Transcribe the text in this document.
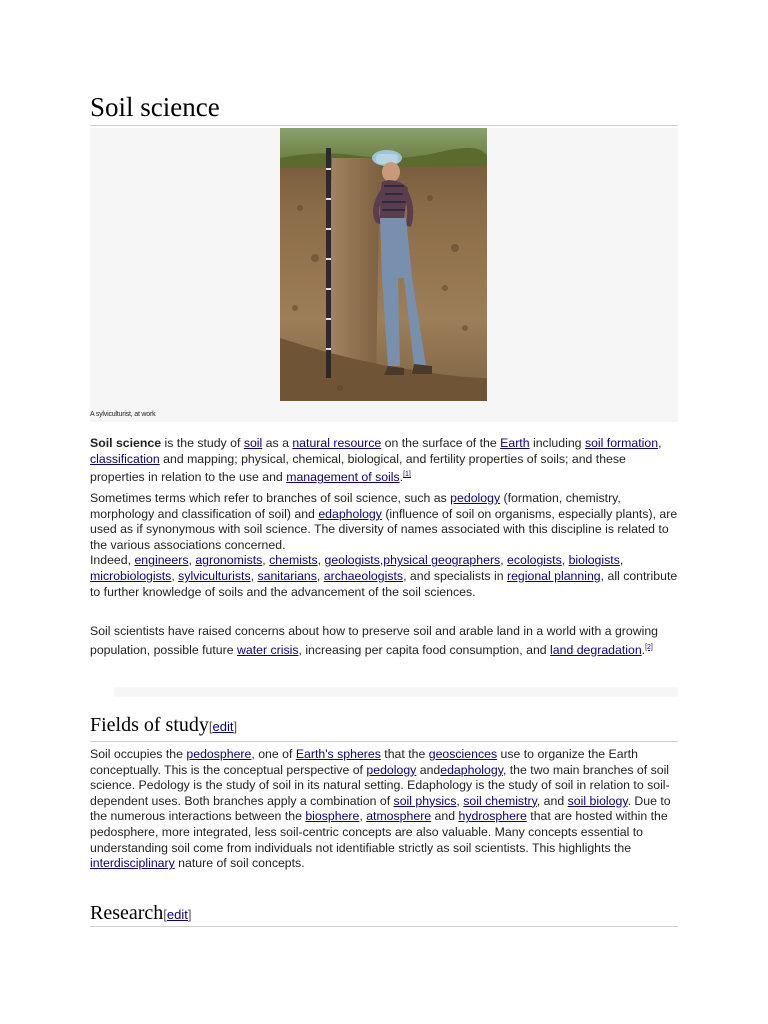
Soil science
A sylviculturist, at work

Soil science is the study of soil as a natural resource on the surface of the Earth including soil formation, classification and mapping; physical, chemical, biological, and fertility properties of soils; and these properties in relation to the use and management of soils.[1]

Sometimes terms which refer to branches of soil science, such as pedology (formation, chemistry, morphology and classification of soil) and edaphology (influence of soil on organisms, especially plants), are used as if synonymous with soil science. The diversity of names associated with this discipline is related to the various associations concerned.
Indeed, engineers, agronomists, chemists, geologists,physical geographers, ecologists, biologists, microbiologists, sylviculturists, sanitarians, archaeologists, and specialists in regional planning, all contribute to further knowledge of soils and the advancement of the soil sciences.

Soil scientists have raised concerns about how to preserve soil and arable land in a world with a growing population, possible future water crisis, increasing per capita food consumption, and land degradation.[2]

Fields of study[edit]

Soil occupies the pedosphere, one of Earth's spheres that the geosciences use to organize the Earth conceptually. This is the conceptual perspective of pedology andedaphology, the two main branches of soil science. Pedology is the study of soil in its natural setting. Edaphology is the study of soil in relation to soil-dependent uses. Both branches apply a combination of soil physics, soil chemistry, and soil biology. Due to the numerous interactions between the biosphere, atmosphere and hydrosphere that are hosted within the pedosphere, more integrated, less soil-centric concepts are also valuable. Many concepts essential to understanding soil come from individuals not identifiable strictly as soil scientists. This highlights the interdisciplinary nature of soil concepts.

Research[edit]
